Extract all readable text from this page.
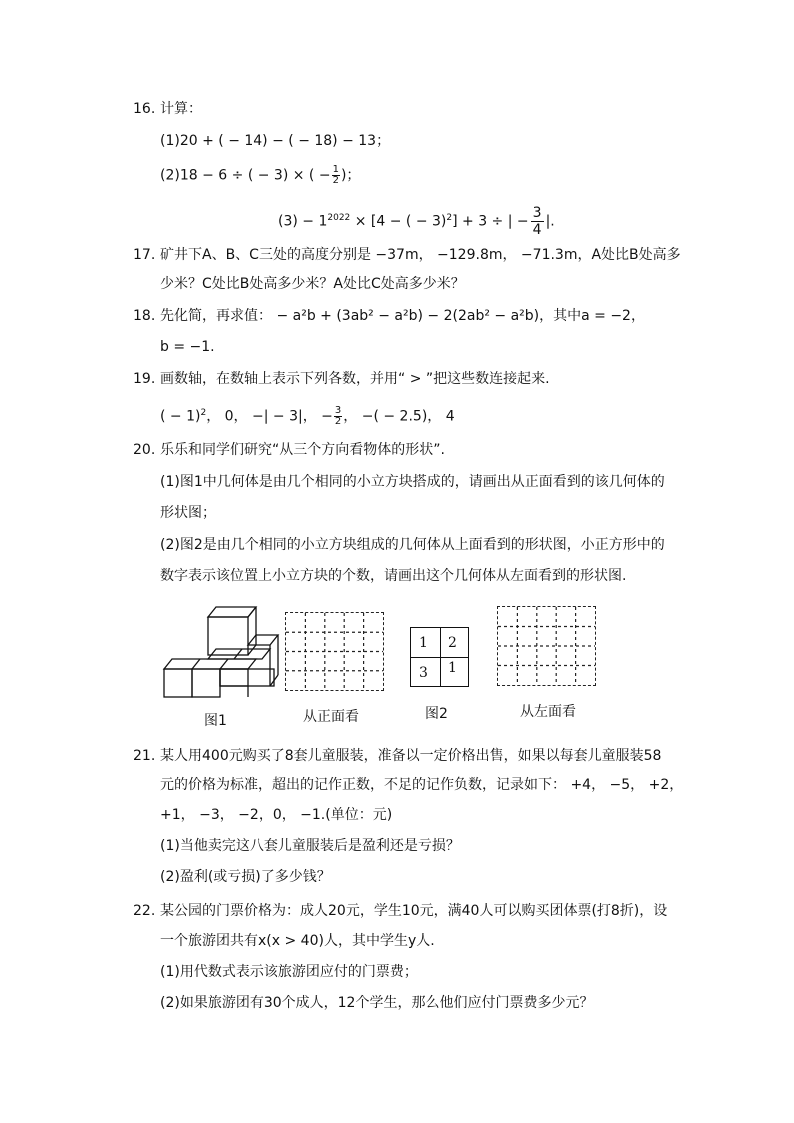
16. 计算：
(1)20 + ( − 14) − ( − 18) − 13；
(2)18 − 6 ÷ ( − 3) × ( − $\frac{1}{2}$ )；
$(3) - 1^{2022} \times [4$ − ( − 3)$^2$] + 3 ÷ | − $\frac{3}{4}$ |.
17. 矿井下A、B、C三处的高度分别是 −37m， −129.8m， −71.3m，A处比B处高多
少米？C处比B处高多少米？A处比C处高多少米？
18. 先化简，再求值： − a²b + (3ab² − a²b) − 2(2ab² − a²b)，其中a = −2，
b = −1.
19. 画数轴，在数轴上表示下列各数，并用“ > ”把这些数连接起来.
( − 1)$^2$， 0， −| − 3|， − $\frac{3}{2}$ ， −( − 2.5)， 4
20. 乐乐和同学们研究“从三个方向看物体的形状”.
(1)图1中几何体是由几个相同的小立方块搭成的，请画出从正面看到的该几何体的
形状图；
(2)图2是由几个相同的小立方块组成的几何体从上面看到的形状图，小正方形中的
数字表示该位置上小立方块的个数，请画出这个几何体从左面看到的形状图.
图1	从正面看
1 2
3 1
图2	从左面看
21. 某人用400元购买了8套儿童服装，准备以一定价格出售，如果以每套儿童服装58
元的价格为标准，超出的记作正数，不足的记作负数，记录如下： +4， −5， +2，
+1， −3， −2，0， −1.(单位：元)
(1)当他卖完这八套儿童服装后是盈利还是亏损？
(2)盈利(或亏损)了多少钱？
22. 某公园的门票价格为：成人20元，学生10元，满40人可以购买团体票(打8折)，设
一个旅游团共有x(x > 40)人，其中学生y人.
(1)用代数式表示该旅游团应付的门票费；
(2)如果旅游团有30个成人，12个学生，那么他们应付门票费多少元？
